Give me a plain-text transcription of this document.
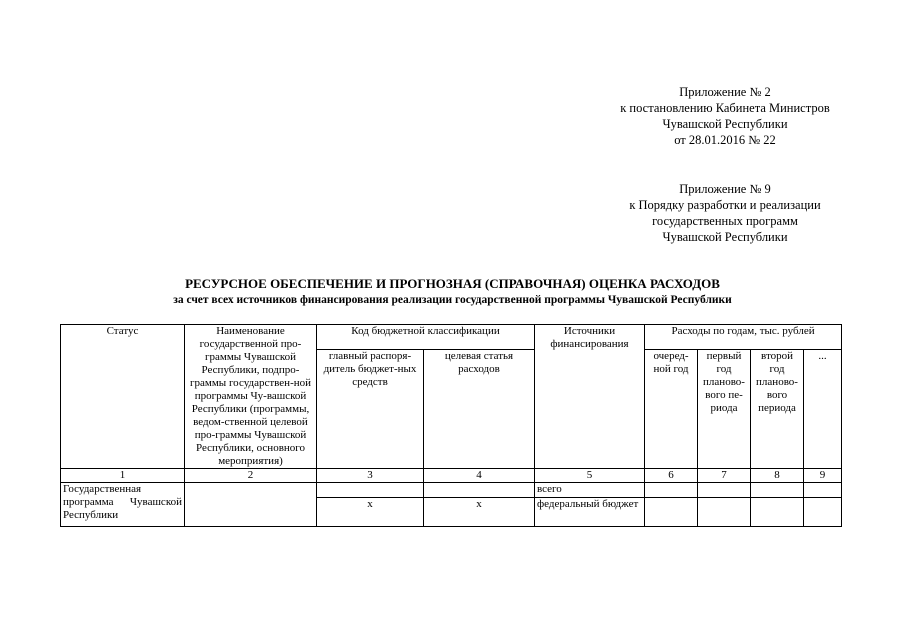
Приложение № 2
к постановлению Кабинета Министров
Чувашской Республики
от 28.01.2016 № 22
Приложение № 9
к Порядку разработки и реализации
государственных программ
Чувашской Республики
РЕСУРСНОЕ ОБЕСПЕЧЕНИЕ И ПРОГНОЗНАЯ (СПРАВОЧНАЯ) ОЦЕНКА РАСХОДОВ
за счет всех источников финансирования реализации государственной программы Чувашской Республики
Статус	Наименование государственной про-граммы Чувашской Республики, подпро-граммы государствен-ной программы Чу-вашской Республики (программы, ведом-ственной целевой про-граммы Чувашской Республики, основного мероприятия)	Код бюджетной классификации		Источники финансирования	Расходы по годам, тыс. рублей			
		главный распоря-дитель бюджет-ных средств	целевая статья расходов		очеред-ной год	первый год планово-вого пе-риода	второй год планово-вого периода	...
1	2	3	4	5	6	7	8	9
Государственная программа Чувашской Республики				всего				
		x	x	федеральный бюджет				
